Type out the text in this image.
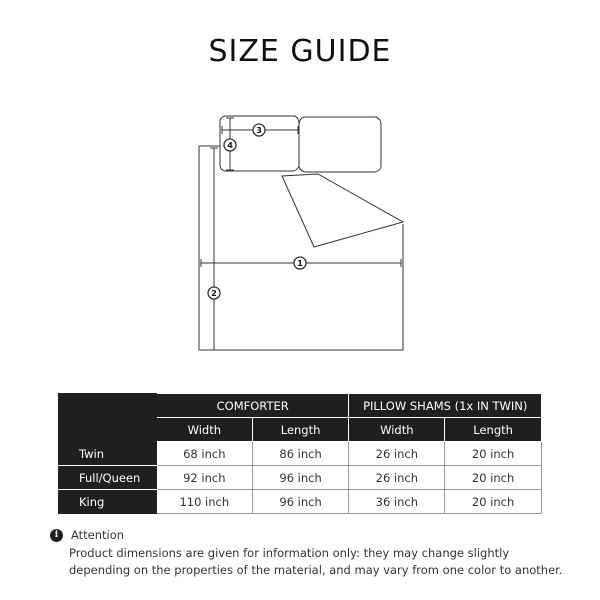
SIZE GUIDE
1
2
3
4
	COMFORTER		PILLOW SHAMS (1x IN TWIN)	
	Width	Length	Width	Length
Twin	68 inch	86 inch	26 inch	20 inch
Full/Queen	92 inch	96 inch	26 inch	20 inch
King	110 inch	96 inch	36 inch	20 inch
i	Attention
Product dimensions are given for information only: they may change slightly
depending on the properties of the material, and may vary from one color to another.
